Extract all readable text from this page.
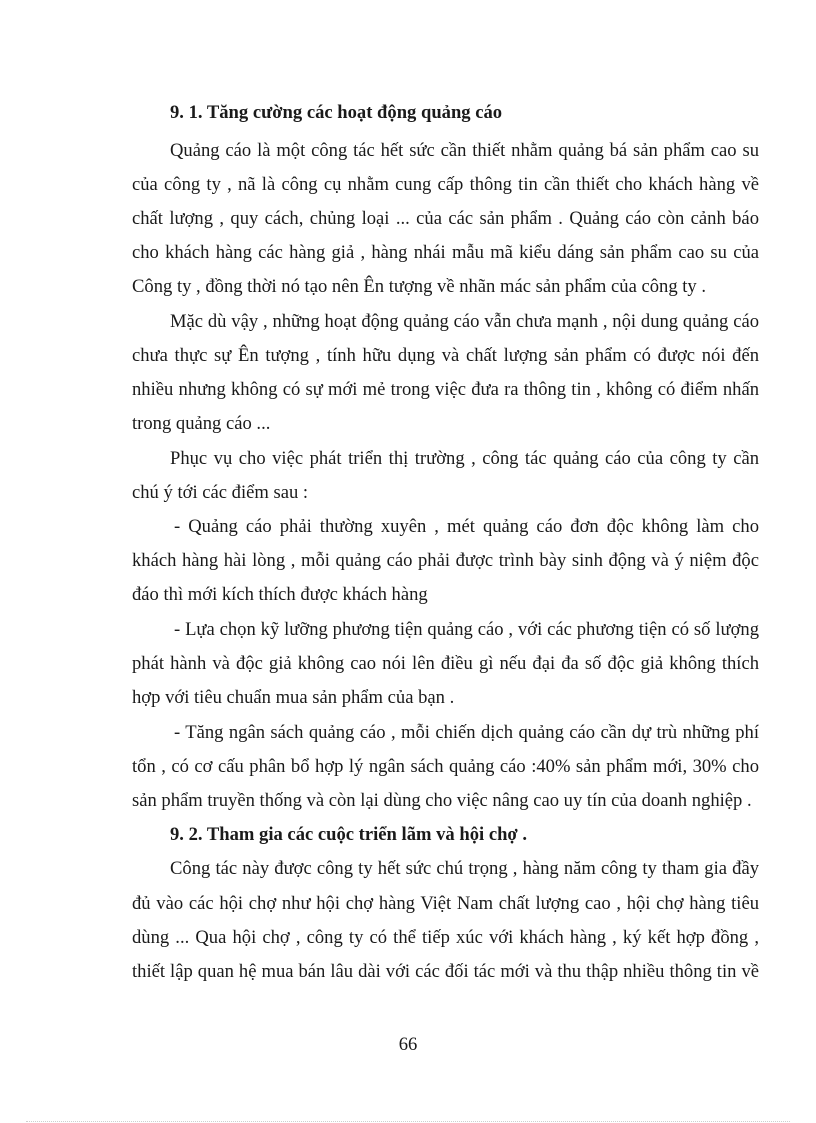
9. 1. Tăng cường các hoạt động quảng cáo
Quảng cáo là một công tác hết sức cần thiết nhằm quảng bá sản phẩm cao su
của công ty , nã là công cụ nhằm cung cấp thông tin cần thiết cho khách hàng về
chất lượng , quy cách, chủng loại ... của các sản phẩm . Quảng cáo còn cảnh báo
cho khách hàng các hàng giả , hàng nhái mẫu mã kiểu dáng sản phẩm cao su của
Công ty , đồng thời nó tạo nên Ên tượng về nhãn mác sản phẩm của công ty .
Mặc dù vậy , những hoạt động quảng cáo vẫn chưa mạnh , nội dung quảng cáo
chưa thực sự Ên tượng , tính hữu dụng và chất lượng sản phẩm có được nói đến
nhiều nhưng không có sự mới mẻ trong việc đưa ra thông tin , không có điểm nhấn
trong quảng cáo ...
Phục vụ cho việc phát triển thị trường , công tác quảng cáo của công ty cần
chú ý tới các điểm sau :
- Quảng cáo phải thường xuyên , mét quảng cáo đơn độc không làm cho
khách hàng hài lòng , mỗi quảng cáo phải được trình bày sinh động và ý niệm độc
đáo thì mới kích thích được khách hàng
- Lựa chọn kỹ lưỡng phương tiện quảng cáo , với các phương tiện có số lượng
phát hành và độc giả không cao nói lên điều gì nếu đại đa số độc giả không thích
hợp với tiêu chuẩn mua sản phẩm của bạn .
- Tăng ngân sách quảng cáo , mỗi chiến dịch quảng cáo cần dự trù những phí
tổn , có cơ cấu phân bổ hợp lý ngân sách quảng cáo :40% sản phẩm mới, 30% cho
sản phẩm truyền thống và còn lại dùng cho việc nâng cao uy tín của doanh nghiệp .
9. 2. Tham gia các cuộc triển lãm và hội chợ .
Công tác này được công ty hết sức chú trọng , hàng năm công ty tham gia đầy
đủ vào các hội chợ như hội chợ hàng Việt Nam chất lượng cao , hội chợ hàng tiêu
dùng ... Qua hội chợ , công ty có thể tiếp xúc với khách hàng , ký kết hợp đồng ,
thiết lập quan hệ mua bán lâu dài với các đối tác mới và thu thập nhiều thông tin về
66
